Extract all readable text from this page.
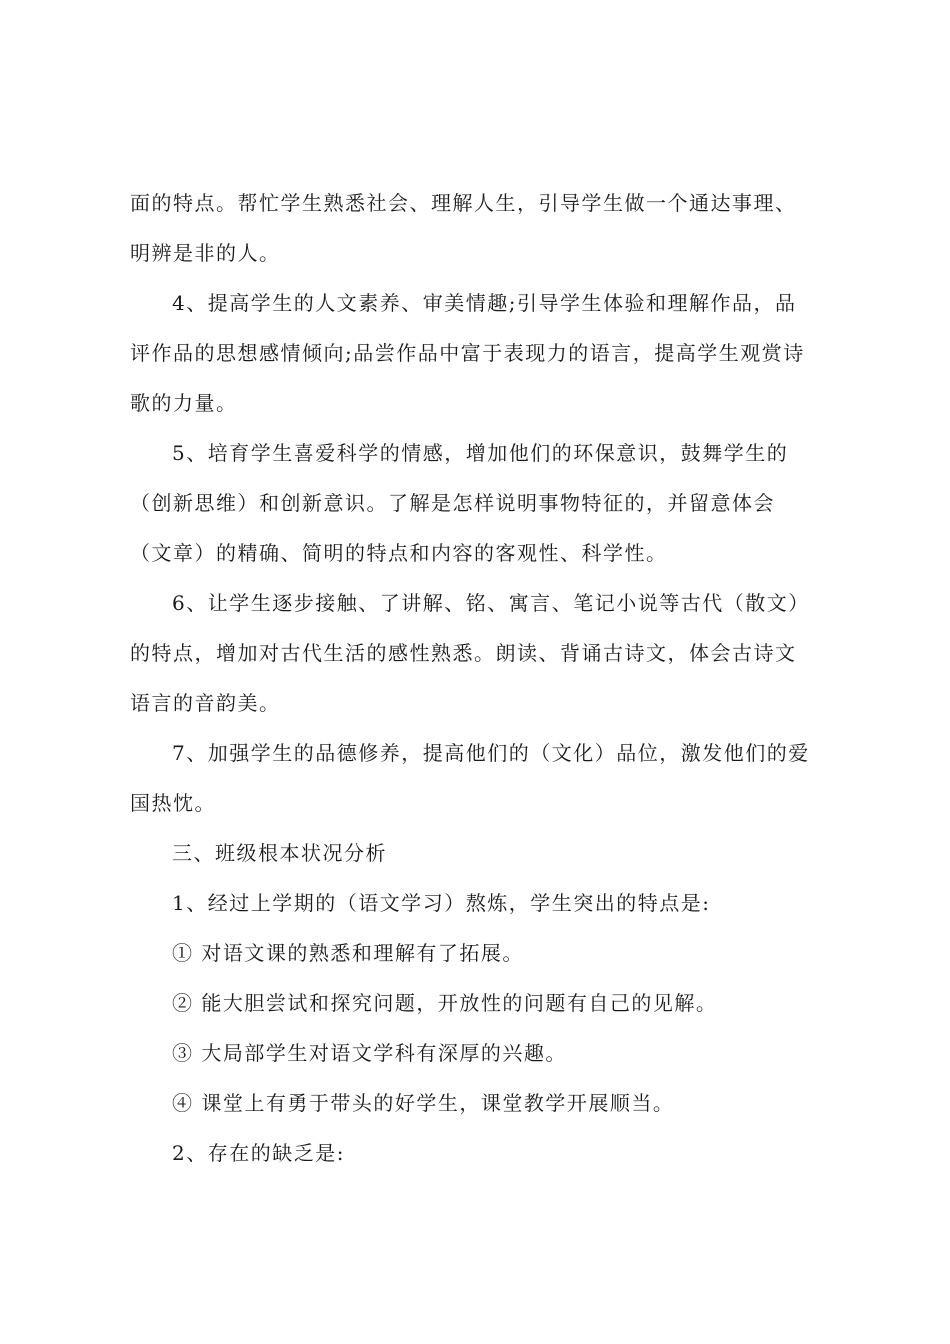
面的特点。帮忙学生熟悉社会、理解人生，引导学生做一个通达事理、
明辨是非的人。
4、提高学生的人文素养、审美情趣;引导学生体验和理解作品，品
评作品的思想感情倾向;品尝作品中富于表现力的语言，提高学生观赏诗
歌的力量。
5、培育学生喜爱科学的情感，增加他们的环保意识，鼓舞学生的
（创新思维）和创新意识。了解是怎样说明事物特征的，并留意体会
（文章）的精确、简明的特点和内容的客观性、科学性。
6、让学生逐步接触、了讲解、铭、寓言、笔记小说等古代（散文）
的特点，增加对古代生活的感性熟悉。朗读、背诵古诗文，体会古诗文
语言的音韵美。
7、加强学生的品德修养，提高他们的（文化）品位，激发他们的爱
国热忱。
三、班级根本状况分析
1、经过上学期的（语文学习）熬炼，学生突出的特点是:
① 对语文课的熟悉和理解有了拓展。
② 能大胆尝试和探究问题，开放性的问题有自己的见解。
③ 大局部学生对语文学科有深厚的兴趣。
④ 课堂上有勇于带头的好学生，课堂教学开展顺当。
2、存在的缺乏是:
